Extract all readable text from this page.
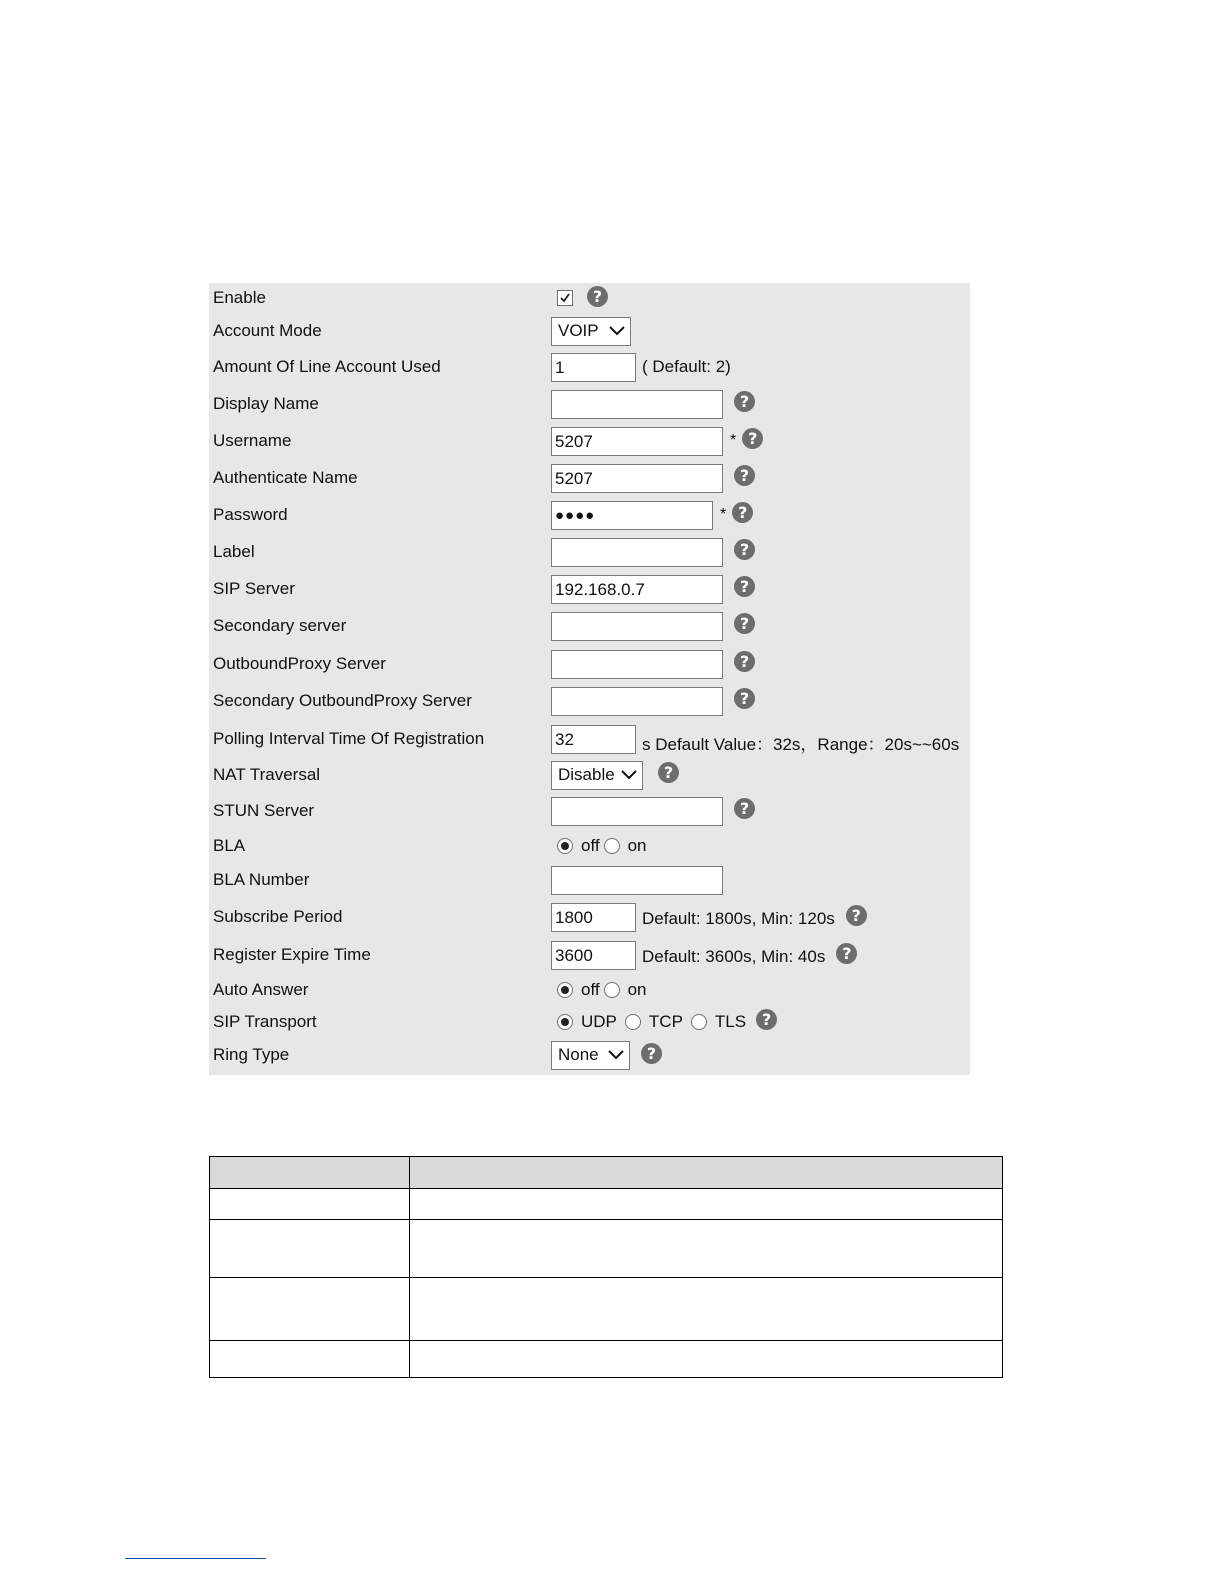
Enable	?
Account Mode	VOIP
Amount Of Line Account Used	1	( Default: 2)
Display Name	?
Username	5207	* ?
Authenticate Name	5207	?
Password	●●●●	* ?
Label	?
SIP Server	192.168.0.7	?
Secondary server	?
OutboundProxy Server	?
Secondary OutboundProxy Server	?
Polling Interval Time Of Registration	32	s Default Value：32s，Range：20s~~60s
NAT Traversal	Disable	?
STUN Server	?
BLA	off on
BLA Number
Subscribe Period	1800	Default: 1800s, Min: 120s	?
Register Expire Time	3600	Default: 3600s, Min: 40s	?
Auto Answer	off on
SIP Transport	UDP TCP TLS ?
Ring Type	None	?
